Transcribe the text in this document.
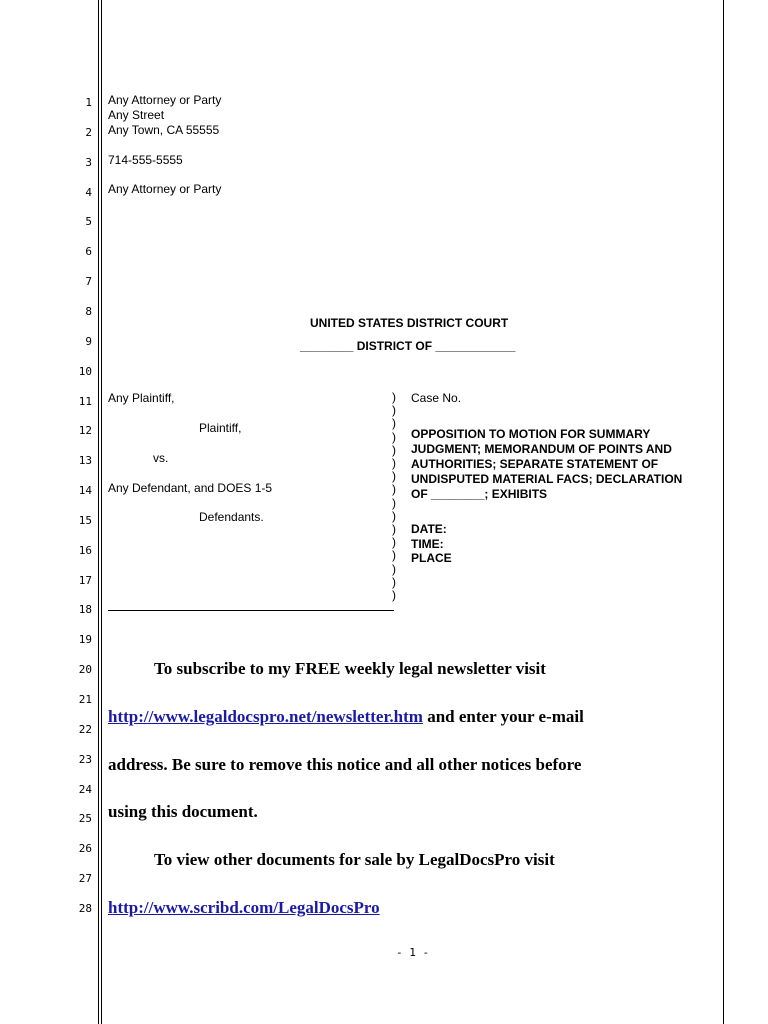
1
2
3
4
5
6
7
8
9
10
11
12
13
14
15
16
17
18
19
20
21
22
23
24
25
26
27
28
Any Attorney or Party
Any Street
Any Town, CA 55555
714-555-5555
Any Attorney or Party
UNITED STATES DISTRICT COURT
________ DISTRICT OF ____________
Any Plaintiff,
Plaintiff,
vs.
Any Defendant, and DOES 1-5
Defendants.
)
)
)
)
)
)
)
)
)
)
)
)
)
)
)
)
Case No.
OPPOSITION TO MOTION FOR SUMMARY
JUDGMENT; MEMORANDUM OF POINTS AND
AUTHORITIES; SEPARATE STATEMENT OF
UNDISPUTED MATERIAL FACS; DECLARATION
OF ________; EXHIBITS
DATE:
TIME:
PLACE
To subscribe to my FREE weekly legal newsletter visit
http://www.legaldocspro.net/newsletter.htm and enter your e-mail
address. Be sure to remove this notice and all other notices before
using this document.
To view other documents for sale by LegalDocsPro visit
http://www.scribd.com/LegalDocsPro
- 1 -
